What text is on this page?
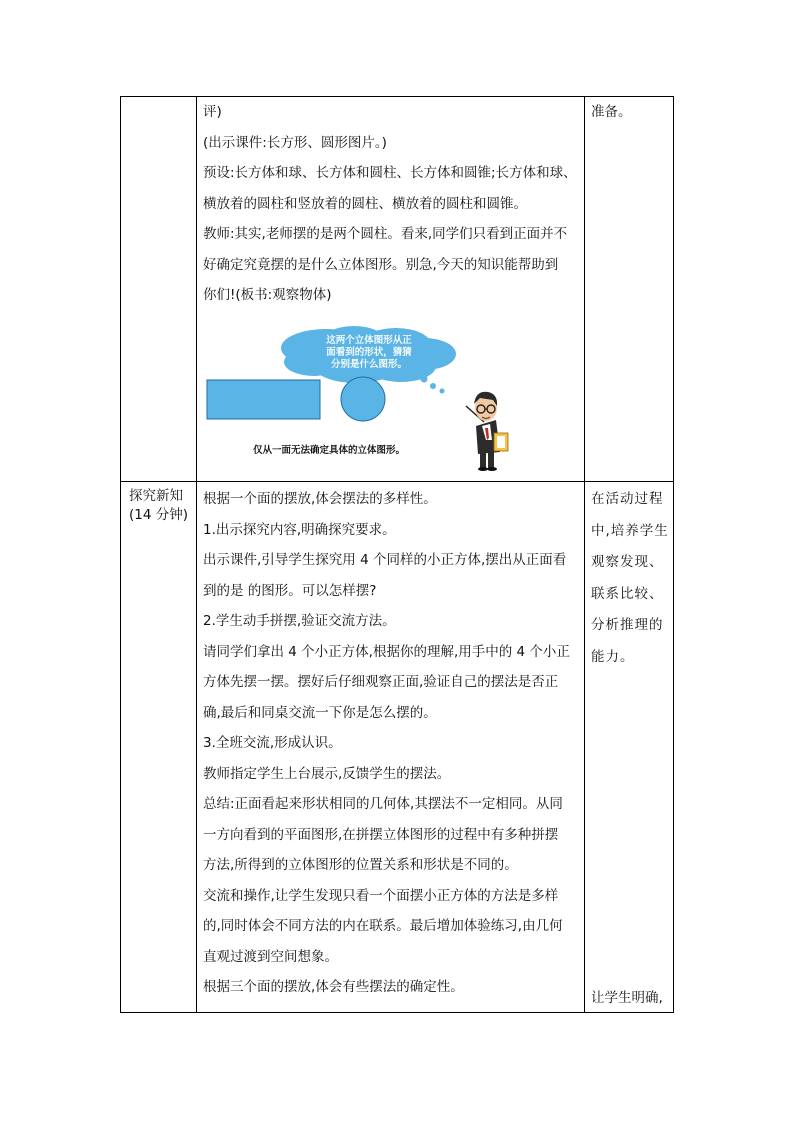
评)

(出示课件:长方形、圆形图片。)

预设:长方体和球、长方体和圆柱、长方体和圆锥;长方体和球、

横放着的圆柱和竖放着的圆柱、横放着的圆柱和圆锥。

教师:其实,老师摆的是两个圆柱。看来,同学们只看到正面并不

好确定究竟摆的是什么立体图形。别急,今天的知识能帮助到

你们!(板书:观察物体)

准备。

探究新知

(14 分钟)

根据一个面的摆放,体会摆法的多样性。

1.出示探究内容,明确探究要求。

出示课件,引导学生探究用 4 个同样的小正方体,摆出从正面看

到的是 的图形。可以怎样摆?

2.学生动手拼摆,验证交流方法。

请同学们拿出 4 个小正方体,根据你的理解,用手中的 4 个小正

方体先摆一摆。摆好后仔细观察正面,验证自己的摆法是否正

确,最后和同桌交流一下你是怎么摆的。

3.全班交流,形成认识。

教师指定学生上台展示,反馈学生的摆法。

总结:正面看起来形状相同的几何体,其摆法不一定相同。从同

一方向看到的平面图形,在拼摆立体图形的过程中有多种拼摆

方法,所得到的立体图形的位置关系和形状是不同的。

交流和操作,让学生发现只看一个面摆小正方体的方法是多样

的,同时体会不同方法的内在联系。最后增加体验练习,由几何

直观过渡到空间想象。

根据三个面的摆放,体会有些摆法的确定性。

在活动过程

中,培养学生

观察发现、

联系比较、

分析推理的

能力。

让学生明确,

这两个立体图形从正
面看到的形状，猜猜
分别是什么图形。
仅从一面无法确定具体的立体图形。
